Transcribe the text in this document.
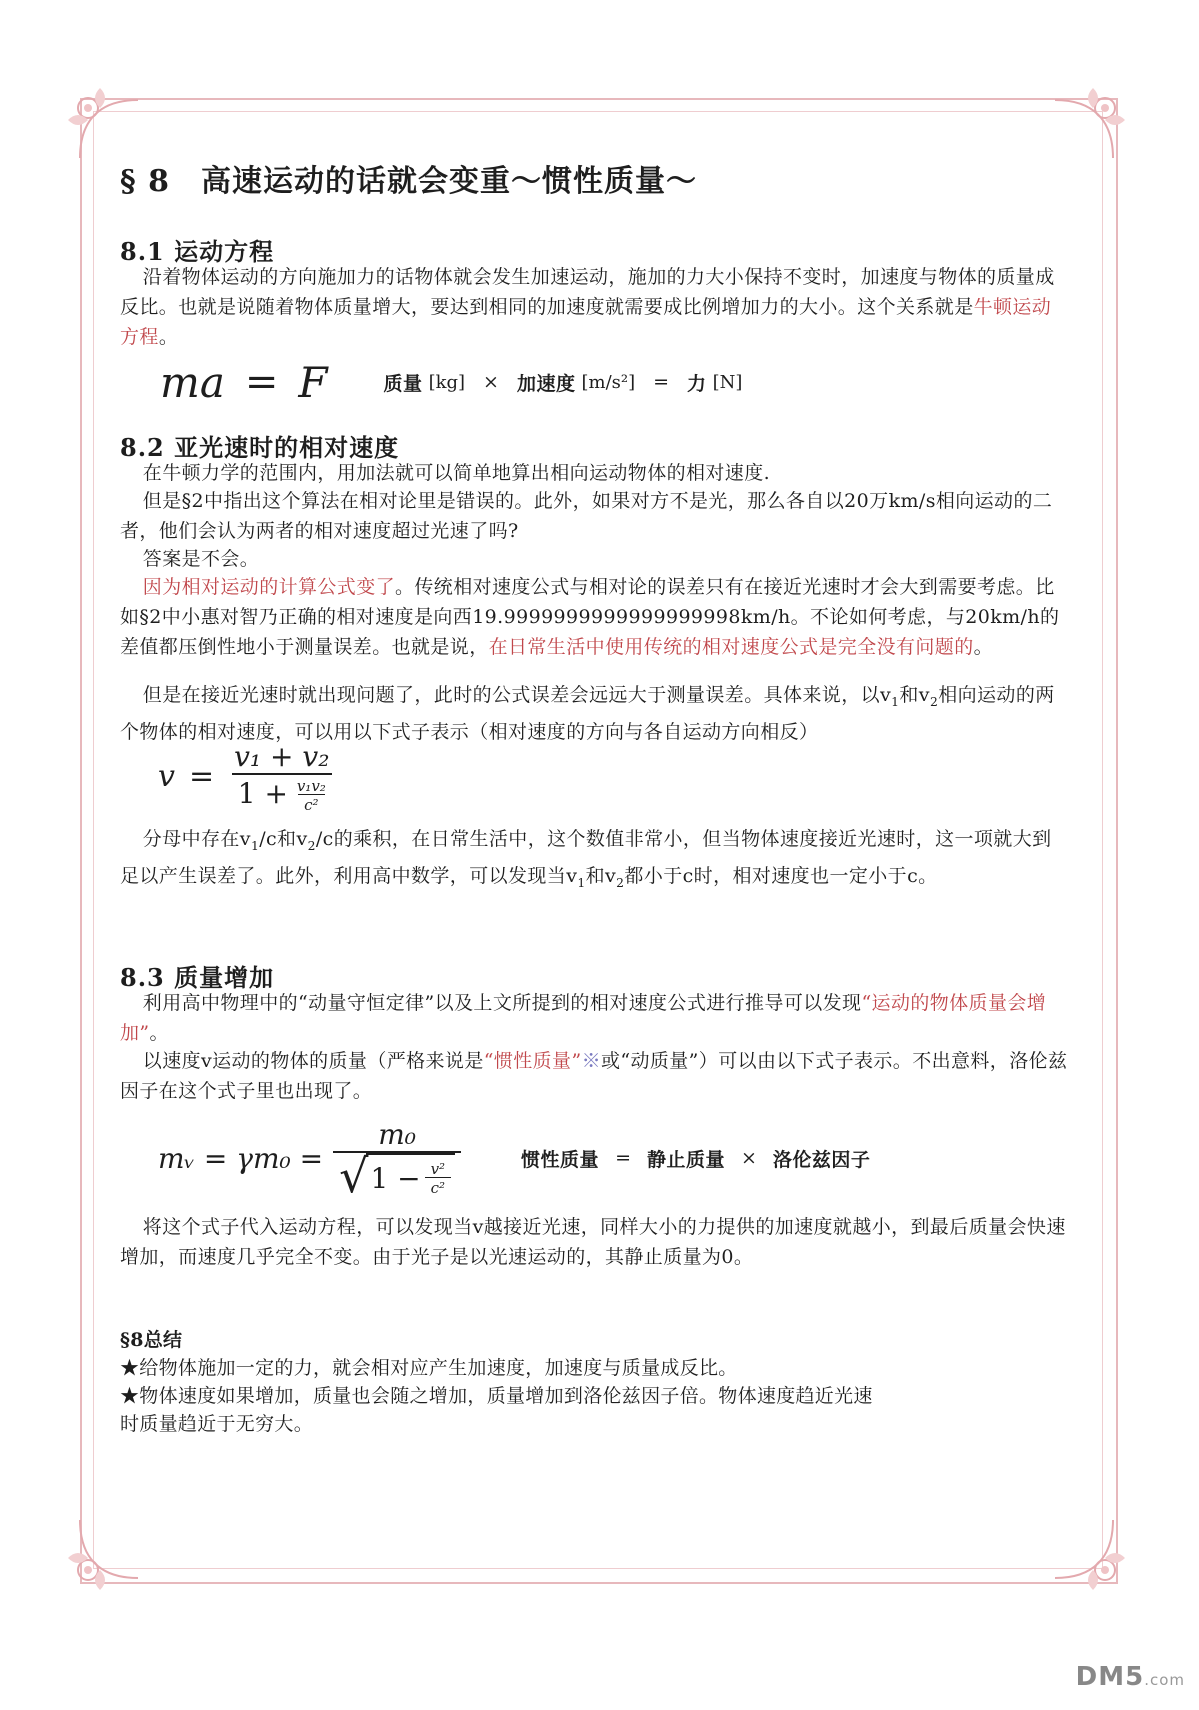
§ 8　高速运动的话就会变重～惯性质量～
8.1 运动方程
沿着物体运动的方向施加力的话物体就会发生加速运动，施加的力大小保持不变时，加速度与物体的质量成反比。也就是说随着物体质量增大，要达到相同的加速度就需要成比例增加力的大小。这个关系就是牛顿运动方程。
ma = F	质量 [kg] × 加速度 [m/s²] = 力 [N]
8.2 亚光速时的相对速度
在牛顿力学的范围内，用加法就可以简单地算出相向运动物体的相对速度.
但是§2中指出这个算法在相对论里是错误的。此外，如果对方不是光，那么各自以20万km/s相向运动的二者，他们会认为两者的相对速度超过光速了吗?
答案是不会。
因为相对运动的计算公式变了。传统相对速度公式与相对论的误差只有在接近光速时才会大到需要考虑。比如§2中小惠对智乃正确的相对速度是向西19.9999999999999999998km/h。不论如何考虑，与20km/h的差值都压倒性地小于测量误差。也就是说，在日常生活中使用传统的相对速度公式是完全没有问题的。
但是在接近光速时就出现问题了，此时的公式误差会远远大于测量误差。具体来说，以$v_1$和$v_2$相向运动的两个物体的相对速度，可以用以下式子表示（相对速度的方向与各自运动方向相反）
$v = \frac{\text{v₁ + v₂}}{1 + \frac{\text{v₁v₂}}{\text{c²}}}$
分母中存在$v_1/c$和$v_2/c$的乘积，在日常生活中，这个数值非常小，但当物体速度接近光速时，这一项就大到足以产生误差了。此外，利用高中数学，可以发现当$v_1$和$v_2$都小于c时，相对速度也一定小于c。
8.3 质量增加
利用高中物理中的“动量守恒定律”以及上文所提到的相对速度公式进行推导可以发现“运动的物体质量会增加”。
以速度v运动的物体的质量（严格来说是“惯性质量”※或“动质量”）可以由以下式子表示。不出意料，洛伦兹因子在这个式子里也出现了。
mᵥ = γm₀ =
m₀
√ $1 - \frac{\text{v²}}{\text{c²}}$
惯性质量 = 静止质量 × 洛伦兹因子
将这个式子代入运动方程，可以发现当v越接近光速，同样大小的力提供的加速度就越小，到最后质量会快速增加，而速度几乎完全不变。由于光子是以光速运动的，其静止质量为0。
§8总结
★给物体施加一定的力，就会相对应产生加速度，加速度与质量成反比。
★物体速度如果增加，质量也会随之增加，质量增加到洛伦兹因子倍。物体速度趋近光速
时质量趋近于无穷大。
DM5.com
